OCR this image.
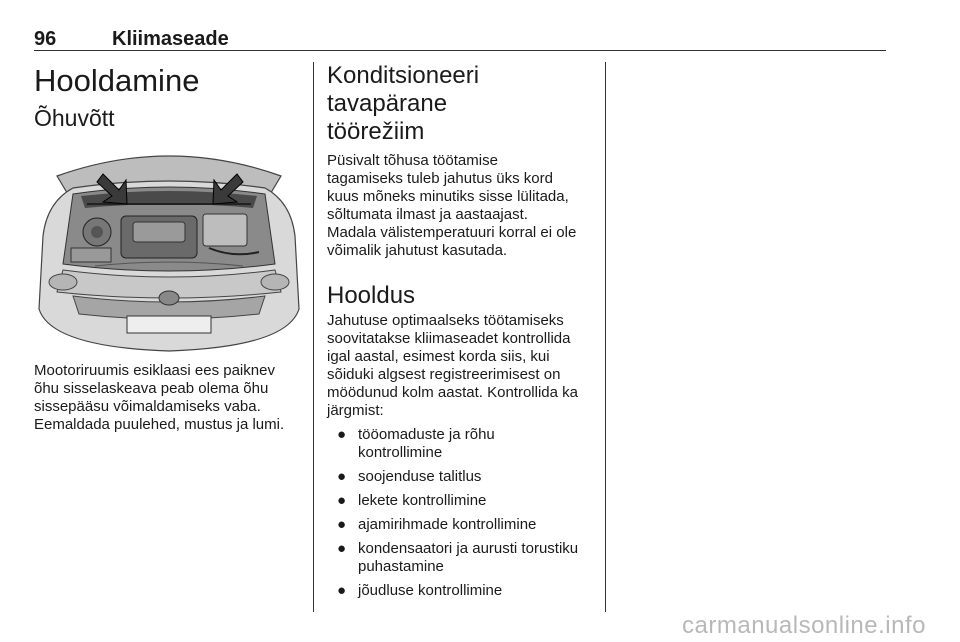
96	Kliimaseade
Hooldamine
Õhuvõtt

Mootoriruumis esiklaasi ees paiknev
õhu sisselaskeava peab olema õhu
sissepääsu võimaldamiseks vaba.
Eemaldada puulehed, mustus ja lumi.

Konditsioneeri tavapärane
töörežiim

Püsivalt tõhusa töötamise
tagamiseks tuleb jahutus üks kord
kuus mõneks minutiks sisse lülitada,
sõltumata ilmast ja aastaajast.
Madala välistemperatuuri korral ei ole
võimalik jahutust kasutada.

Hooldus

Jahutuse optimaalseks töötamiseks
soovitatakse kliimaseadet kontrollida
igal aastal, esimest korda siis, kui
sõiduki algsest registreerimisest on
möödunud kolm aastat. Kontrollida ka
järgmist:

● tööomaduste ja rõhu
kontrollimine
● soojenduse talitlus
● lekete kontrollimine
● ajamirihmade kontrollimine
● kondensaatori ja aurusti torustiku
puhastamine
● jõudluse kontrollimine
carmanualsonline.info
